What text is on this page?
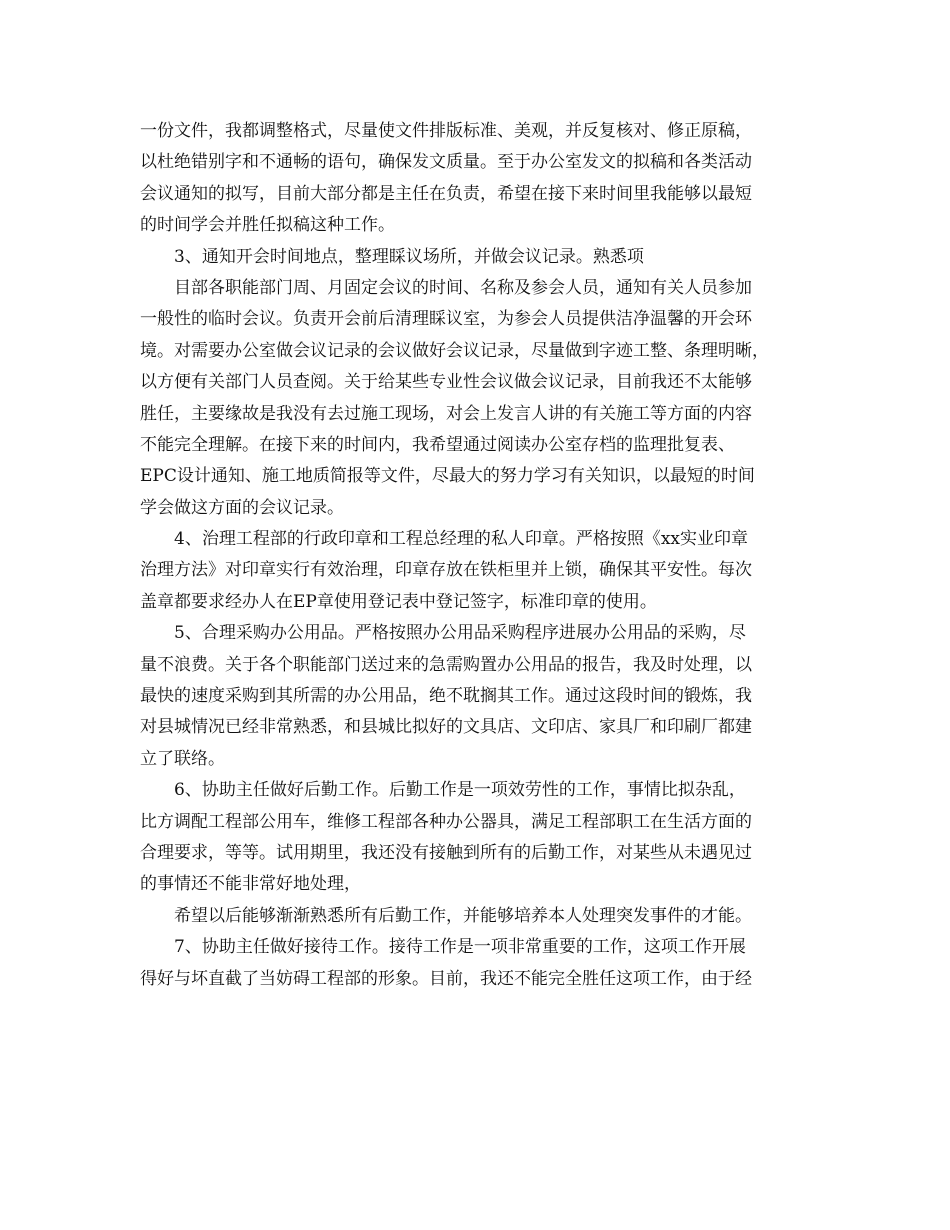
一份文件，我都调整格式，尽量使文件排版标准、美观，并反复核对、修正原稿，
以杜绝错别字和不通畅的语句，确保发文质量。至于办公室发文的拟稿和各类活动
会议通知的拟写，目前大部分都是主任在负责，希望在接下来时间里我能够以最短
的时间学会并胜任拟稿这种工作。
3、通知开会时间地点，整理睬议场所，并做会议记录。熟悉项
目部各职能部门周、月固定会议的时间、名称及参会人员，通知有关人员参加
一般性的临时会议。负责开会前后清理睬议室，为参会人员提供洁净温馨的开会环
境。对需要办公室做会议记录的会议做好会议记录，尽量做到字迹工整、条理明晰，
以方便有关部门人员查阅。关于给某些专业性会议做会议记录，目前我还不太能够
胜任，主要缘故是我没有去过施工现场，对会上发言人讲的有关施工等方面的内容
不能完全理解。在接下来的时间内，我希望通过阅读办公室存档的监理批复表、
EPC设计通知、施工地质简报等文件，尽最大的努力学习有关知识，以最短的时间
学会做这方面的会议记录。
4、治理工程部的行政印章和工程总经理的私人印章。严格按照《xx实业印章
治理方法》对印章实行有效治理，印章存放在铁柜里并上锁，确保其平安性。每次
盖章都要求经办人在EP章使用登记表中登记签字，标准印章的使用。
5、合理采购办公用品。严格按照办公用品采购程序进展办公用品的采购，尽
量不浪费。关于各个职能部门送过来的急需购置办公用品的报告，我及时处理，以
最快的速度采购到其所需的办公用品，绝不耽搁其工作。通过这段时间的锻炼，我
对县城情况已经非常熟悉，和县城比拟好的文具店、文印店、家具厂和印刷厂都建
立了联络。
6、协助主任做好后勤工作。后勤工作是一项效劳性的工作，事情比拟杂乱，
比方调配工程部公用车，维修工程部各种办公器具，满足工程部职工在生活方面的
合理要求，等等。试用期里，我还没有接触到所有的后勤工作，对某些从未遇见过
的事情还不能非常好地处理，
希望以后能够渐渐熟悉所有后勤工作，并能够培养本人处理突发事件的才能。
7、协助主任做好接待工作。接待工作是一项非常重要的工作，这项工作开展
得好与坏直截了当妨碍工程部的形象。目前，我还不能完全胜任这项工作，由于经
